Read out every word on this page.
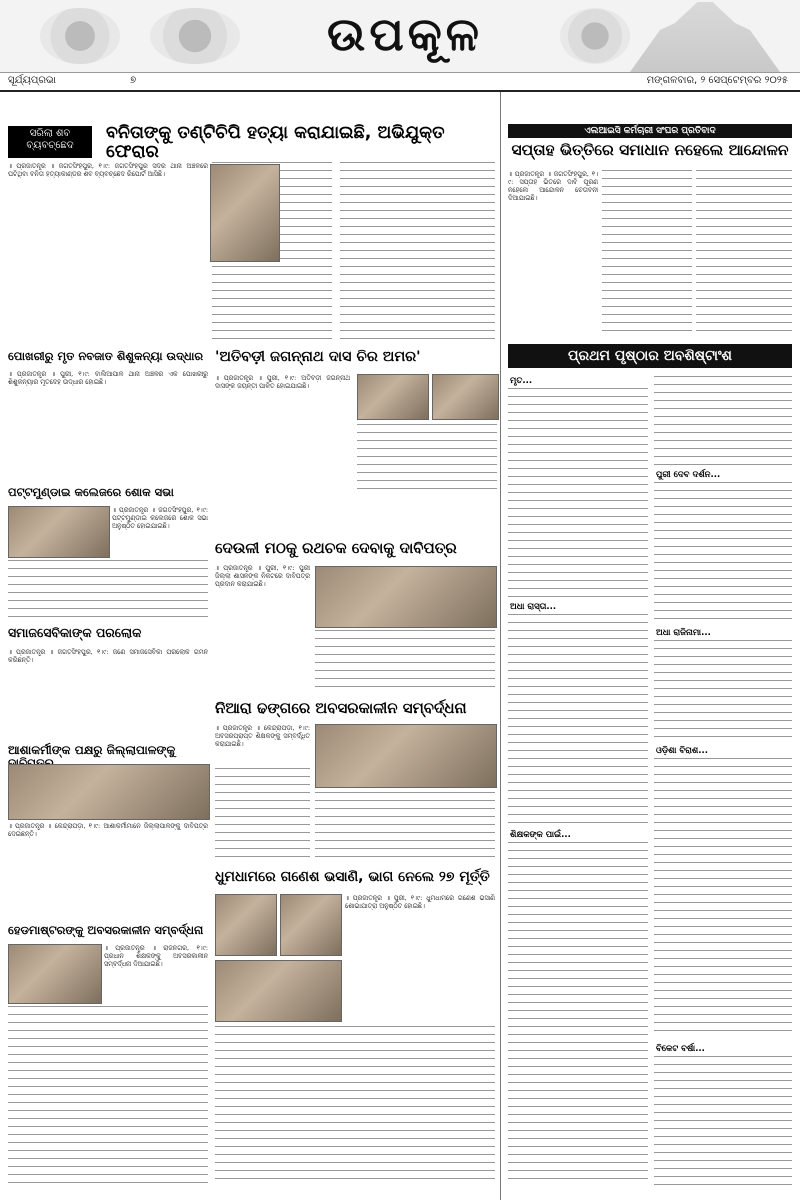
ଉପକୂଳ
ସୂର୍ଯ୍ୟପ୍ରଭା	୭	ମଙ୍ଗଳବାର, ୨ ସେପ୍ଟେମ୍ବର ୨୦୨୫
ସରିଲା ଶବ ବ୍ୟବଚ୍ଛେଦ
ବନିତାଙ୍କୁ ତଣ୍ଟିଚିପି ହତ୍ୟା କରାଯାଇଛି, ଅଭିଯୁକ୍ତ ଫେରାର
॥ ପ୍ରଜାତନ୍ତ୍ର ॥ ଜଗତସିଂହପୁର, ୧।୯: ଜଗତସିଂହପୁର ସଦର ଥାନା ଅଞ୍ଚଳରେ ଘଟିଥିବା ବନିତା ହତ୍ୟାକାଣ୍ଡର ଶବ ବ୍ୟବଚ୍ଛେଦ ରିପୋର୍ଟ ଆସିଛି।
ପୋଖରୀରୁ ମୃତ ନବଜାତ ଶିଶୁକନ୍ୟା ଉଦ୍ଧାର
॥ ପ୍ରଜାତନ୍ତ୍ର ॥ ପୁରୀ, ୧।୯: ବାଲିଆପାଳ ଥାନା ଅଞ୍ଚଳର ଏକ ପୋଖରୀରୁ ଶିଶୁକନ୍ୟାର ମୃତଦେହ ଉଦ୍ଧାର ହୋଇଛି।
'ଅତିବଡ଼ୀ ଜଗନ୍ନାଥ ଦାସ ଚିର ଅମର'
॥ ପ୍ରଜାତନ୍ତ୍ର ॥ ପୁରୀ, ୧।୯: ଅତିବଡ଼ୀ ଜଗନ୍ନାଥ ଦାସଙ୍କ ଜୟନ୍ତୀ ପାଳିତ ହୋଇଯାଇଛି।
ପଟ୍ଟମୁଣ୍ଡାଇ କଲେଜରେ ଶୋକ ସଭା
॥ ପ୍ରଜାତନ୍ତ୍ର ॥ ଜଗତସିଂହପୁର, ୧।୯: ପଟ୍ଟମୁଣ୍ଡାଇ କଲେଜରେ ଶୋକ ସଭା ଅନୁଷ୍ଠିତ ହୋଇଯାଇଛି।
ଦେଉଳୀ ମଠକୁ ରଥଚକ ଦେବାକୁ ଦାବିପତ୍ର
॥ ପ୍ରଜାତନ୍ତ୍ର ॥ ପୁରୀ, ୧।୯: ପୁରୀ ଜିଲ୍ଲା ଶାସନଙ୍କ ନିକଟରେ ଦାବିପତ୍ର ପ୍ରଦାନ କରାଯାଇଛି।
ସମାଜସେବିକାଙ୍କ ପରଲୋକ
॥ ପ୍ରଜାତନ୍ତ୍ର ॥ ଜଗତସିଂହପୁର, ୧।୯: ଜଣେ ସମାଜସେବିକା ପରଲୋକ ଗମନ କରିଛନ୍ତି।
ନିଆରା ଢଙ୍ଗରେ ଅବସରକାଳୀନ ସମ୍ବର୍ଦ୍ଧନା
॥ ପ୍ରଜାତନ୍ତ୍ର ॥ କେନ୍ଦ୍ରାପଡ଼ା, ୧।୯: ଅବସରପ୍ରାପ୍ତ ଶିକ୍ଷକଙ୍କୁ ସମ୍ବର୍ଦ୍ଧିତ କରାଯାଇଛି।
ଆଶାକର୍ମୀଙ୍କ ପକ୍ଷରୁ ଜିଲ୍ଲାପାଳଙ୍କୁ
॥ ପ୍ରଜାତନ୍ତ୍ର ॥ କେନ୍ଦ୍ରାପଡ଼ା, ୧।୯: ଆଶାକର୍ମୀମାନେ ଜିଲ୍ଲାପାଳଙ୍କୁ ଦାବିପତ୍ର ଦେଇଛନ୍ତି।
ଧୁମଧାମରେ ଗଣେଶ ଭସାଣି, ଭାଗ ନେଲେ ୨୭ ମୂର୍ତ୍ତି
॥ ପ୍ରଜାତନ୍ତ୍ର ॥ ପୁରୀ, ୧।୯: ଧୁମଧାମରେ ଗଣେଶ ଭସାଣି ଶୋଭାଯାତ୍ରା ଅନୁଷ୍ଠିତ ହୋଇଛି।
ହେଡମାଷ୍ଟରଙ୍କୁ ଅବସରକାଳୀନ ସମ୍ବର୍ଦ୍ଧନା
॥ ପ୍ରଜାତନ୍ତ୍ର ॥ ରାଜନଗର, ୧।୯: ପ୍ରଧାନ ଶିକ୍ଷକଙ୍କୁ ଅବସରକାଳୀନ ସମ୍ବର୍ଦ୍ଧନା ଦିଆଯାଇଛି।
ଏଲଆଇସି କର୍ମଚାରୀ ସଂଘର ପ୍ରତିବାଦ
ସପ୍ତାହ ଭିତ୍ତିରେ ସମାଧାନ ନହେଲେ ଆନ୍ଦୋଳନ
॥ ପ୍ରଜାତନ୍ତ୍ର ॥ ଜଗତସିଂହପୁର, ୧।୯: ସପ୍ତାହ ଭିତରେ ଦାବି ପୂରଣ ନହେଲେ ଆନ୍ଦୋଳନ ଚେତାବନୀ ଦିଆଯାଇଛି।
ପ୍ରଥମ ପୃଷ୍ଠାର ଅବଶିଷ୍ଟାଂଶ
ମୃତ...
ଅଧା ରାସ୍ତା...
ଶିକ୍ଷକଙ୍କ ପାଇଁ...
ପୁରୀ ଦେବ ଦର୍ଶନ...
ଅଧା ରାଜିନାମା...
ଓଡ଼ିଶା ବିରାଶ...
ବିକେଟ ବର୍ଷା...
